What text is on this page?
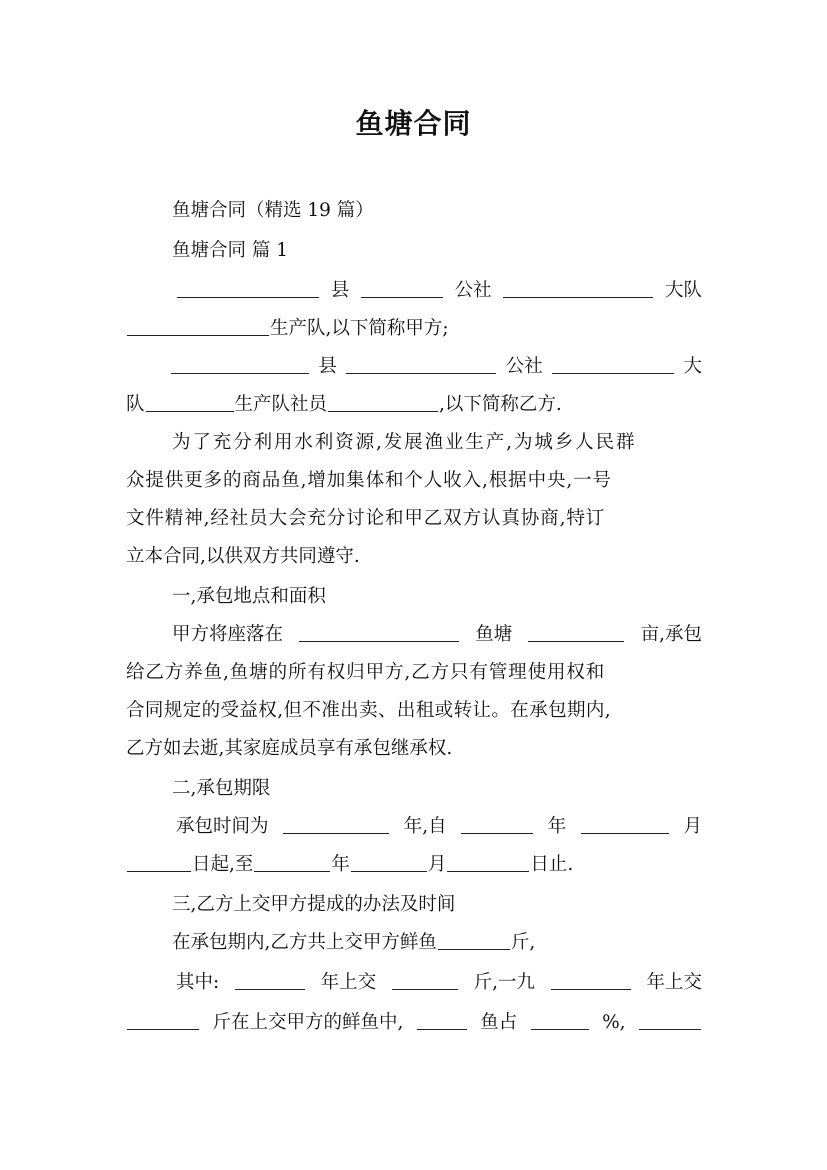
鱼塘合同
鱼塘合同（精选 19 篇）
鱼塘合同 篇 1
县	公社	大队
生产队,以下简称甲方;
县	公社	大
队	生产队社员	,以下简称乙方.
为了充分利用水利资源,发展渔业生产,为城乡人民群
众提供更多的商品鱼,增加集体和个人收入,根据中央,一号
文件精神,经社员大会充分讨论和甲乙双方认真协商,特订
立本合同,以供双方共同遵守.
一,承包地点和面积
甲方将座落在	鱼塘	亩,承包
给乙方养鱼,鱼塘的所有权归甲方,乙方只有管理使用权和
合同规定的受益权,但不准出卖、出租或转让。在承包期内,
乙方如去逝,其家庭成员享有承包继承权.
二,承包期限
承包时间为	年,自	年	月
日起,至	年	月	日止.
三,乙方上交甲方提成的办法及时间
在承包期内,乙方共上交甲方鲜鱼	斤,
其中:	年上交	斤,一九	年上交
斤在上交甲方的鲜鱼中,	鱼占	%,
